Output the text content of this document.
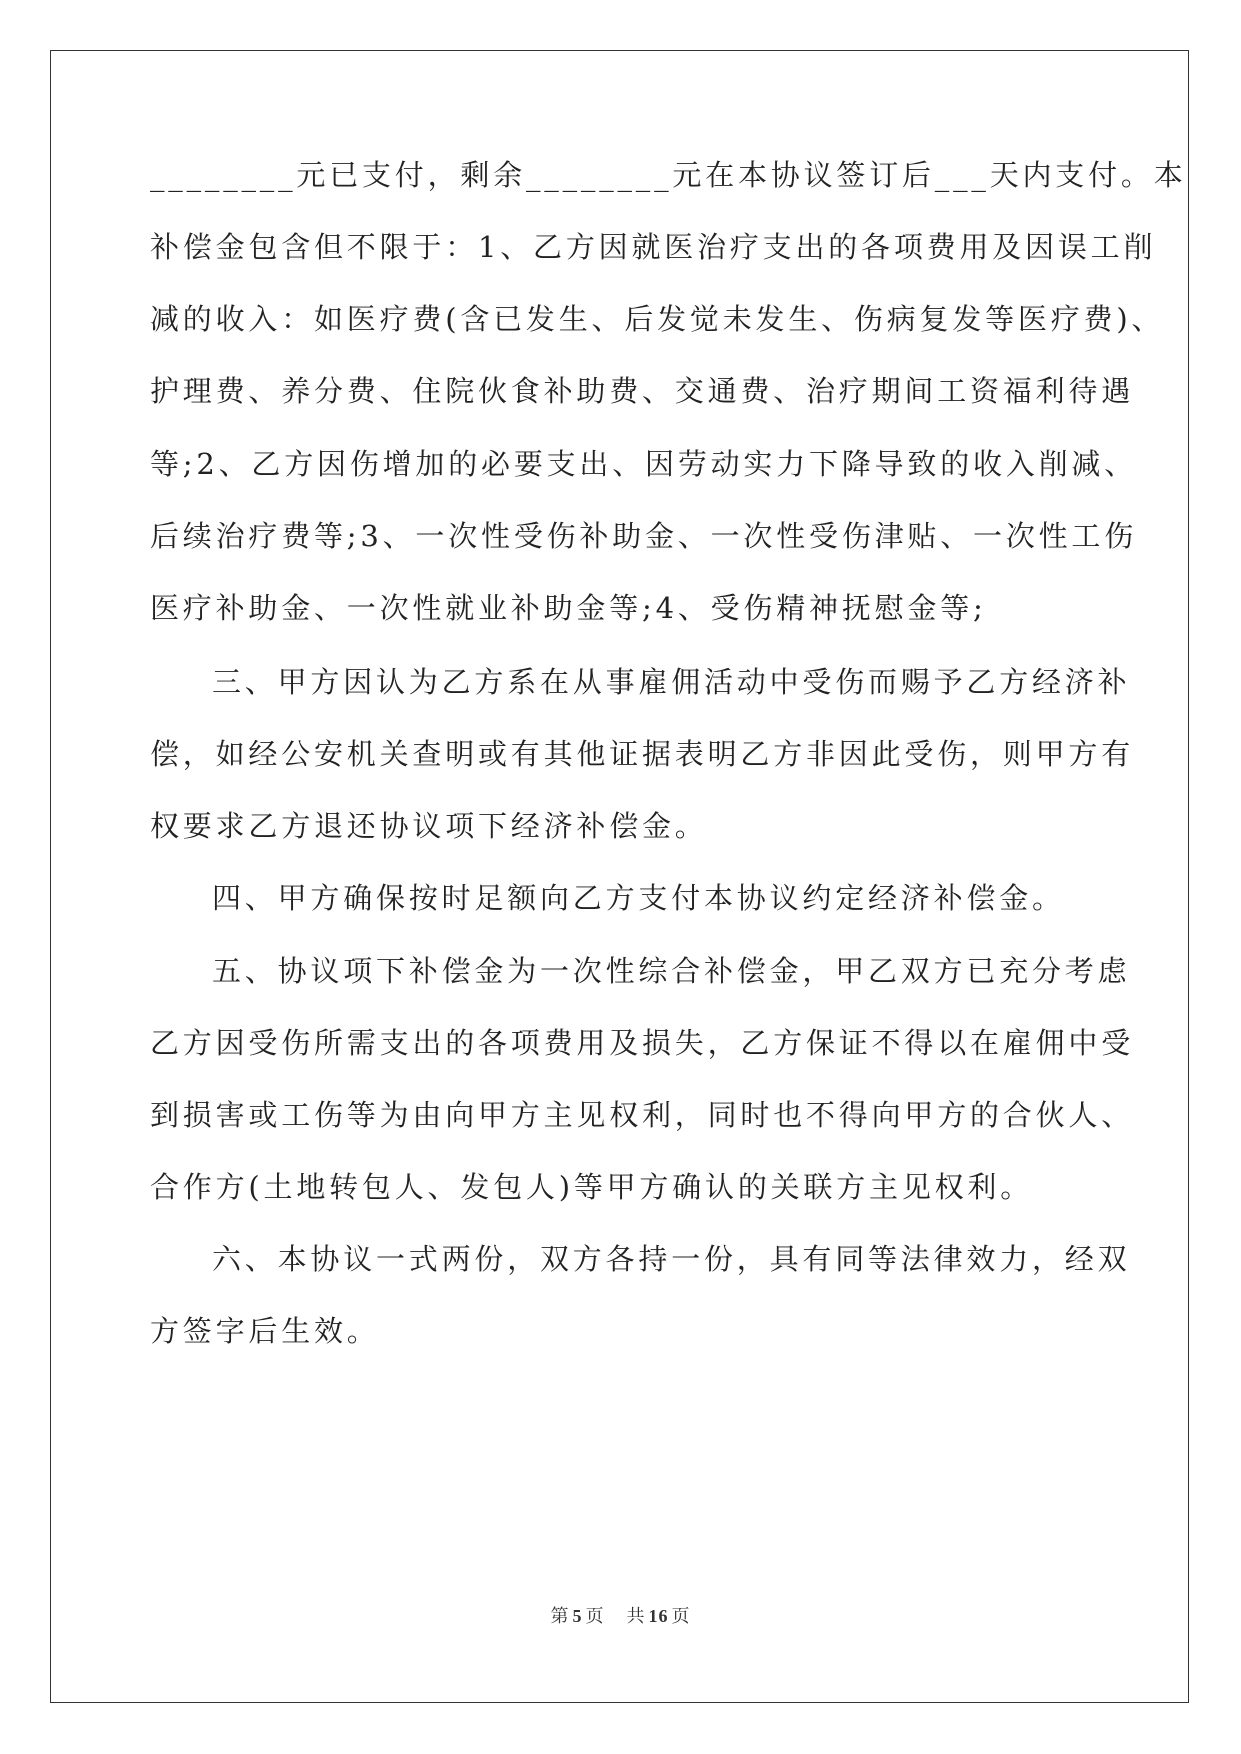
________元已支付，剩余________元在本协议签订后___天内支付。本
补偿金包含但不限于：1、乙方因就医治疗支出的各项费用及因误工削
减的收入：如医疗费(含已发生、后发觉未发生、伤病复发等医疗费)、
护理费、养分费、住院伙食补助费、交通费、治疗期间工资福利待遇
等;2、乙方因伤增加的必要支出、因劳动实力下降导致的收入削减、
后续治疗费等;3、一次性受伤补助金、一次性受伤津贴、一次性工伤
医疗补助金、一次性就业补助金等;4、受伤精神抚慰金等;
三、甲方因认为乙方系在从事雇佣活动中受伤而赐予乙方经济补
偿，如经公安机关查明或有其他证据表明乙方非因此受伤，则甲方有
权要求乙方退还协议项下经济补偿金。
四、甲方确保按时足额向乙方支付本协议约定经济补偿金。
五、协议项下补偿金为一次性综合补偿金，甲乙双方已充分考虑
乙方因受伤所需支出的各项费用及损失，乙方保证不得以在雇佣中受
到损害或工伤等为由向甲方主见权利，同时也不得向甲方的合伙人、
合作方(土地转包人、发包人)等甲方确认的关联方主见权利。
六、本协议一式两份，双方各持一份，具有同等法律效力，经双
方签字后生效。
第 5 页 共 16 页
